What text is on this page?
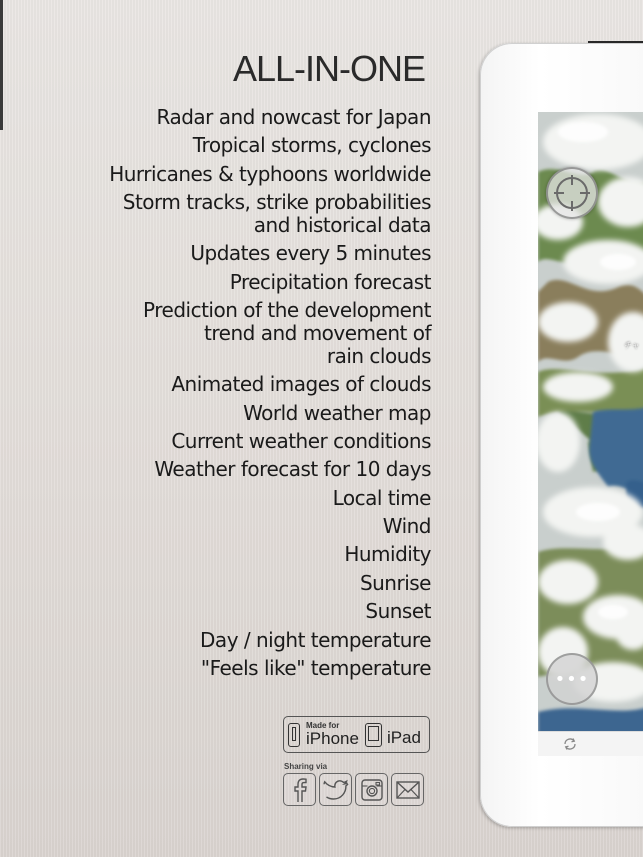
ALL-IN-ONE
Radar and nowcast for Japan
Tropical storms, cyclones
Hurricanes & typhoons worldwide
Storm tracks, strike probabilities
and historical data
Updates every 5 minutes
Precipitation forecast
Prediction of the development
trend and movement of
rain clouds
Animated images of clouds
World weather map
Current weather conditions
Weather forecast for 10 days
Local time
Wind
Humidity
Sunrise
Sunset
Day / night temperature
"Feels like" temperature
Made for
iPhone iPad
Sharing via
チャ
•••
